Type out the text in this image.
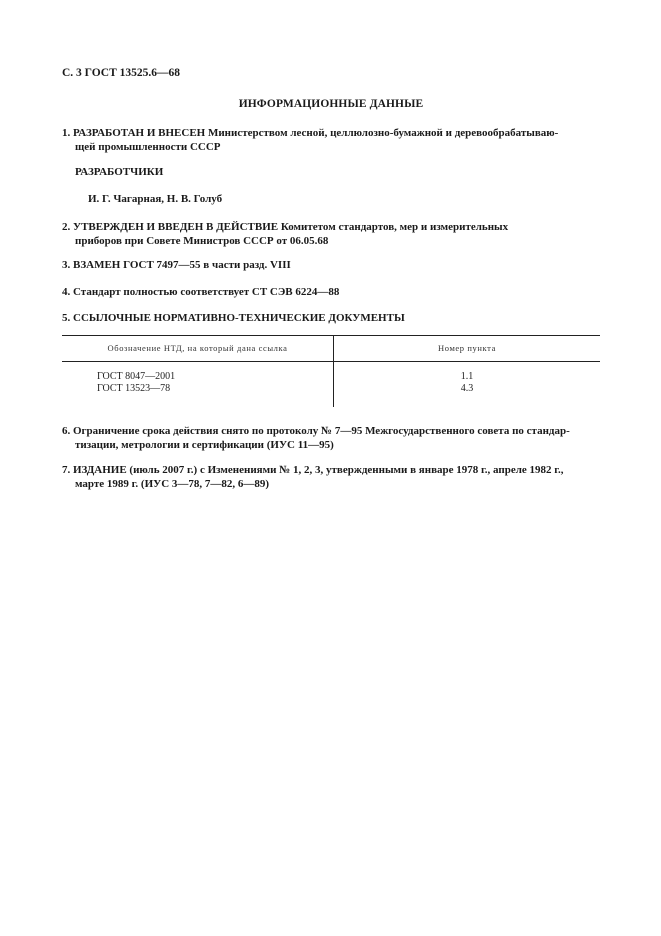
С. 3 ГОСТ 13525.6—68
ИНФОРМАЦИОННЫЕ ДАННЫЕ
1. РАЗРАБОТАН И ВНЕСЕН Министерством лесной, целлюлозно-бумажной и деревообрабатываю-
щей промышленности СССР
РАЗРАБОТЧИКИ
И. Г. Чагарная, Н. В. Голуб
2. УТВЕРЖДЕН И ВВЕДЕН В ДЕЙСТВИЕ Комитетом стандартов, мер и измерительных
приборов при Совете Министров СССР от 06.05.68
3. ВЗАМЕН ГОСТ 7497—55 в части разд. VIII
4. Стандарт полностью соответствует СТ СЭВ 6224—88
5. ССЫЛОЧНЫЕ НОРМАТИВНО-ТЕХНИЧЕСКИЕ ДОКУМЕНТЫ
Обозначение НТД, на который дана ссылка	Номер пункта
ГОСТ 8047—2001	1.1
ГОСТ 13523—78	4.3
6. Ограничение срока действия снято по протоколу № 7—95 Межгосударственного совета по стандар-
тизации, метрологии и сертификации (ИУС 11—95)
7. ИЗДАНИЕ (июль 2007 г.) с Изменениями № 1, 2, 3, утвержденными в январе 1978 г., апреле 1982 г.,
марте 1989 г. (ИУС 3—78, 7—82, 6—89)
